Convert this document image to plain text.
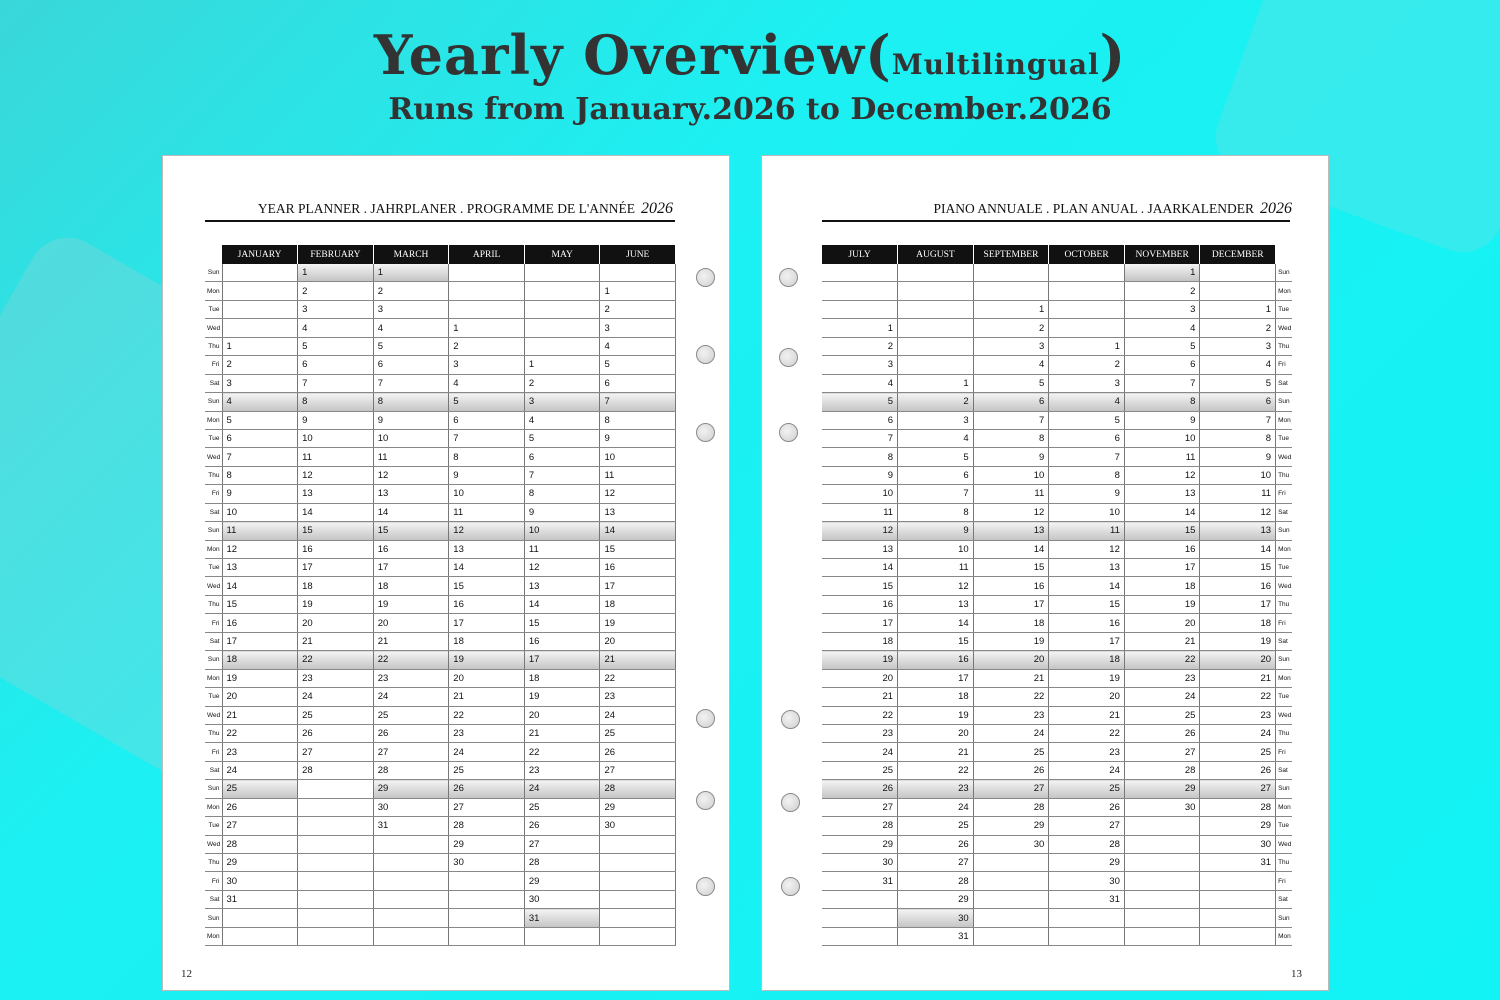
Yearly Overview(Multilingual)
Runs from January.2026 to December.2026
YEAR PLANNER . JAHRPLANER . PROGRAMME DE L'ANNÉE 2026
	JANUARY	FEBRUARY	MARCH	APRIL	MAY	JUNE
Sun		1	1			
Mon		2	2			1
Tue		3	3			2
Wed		4	4	1		3
Thu	1	5	5	2		4
Fri	2	6	6	3	1	5
Sat	3	7	7	4	2	6
Sun	4	8	8	5	3	7
Mon	5	9	9	6	4	8
Tue	6	10	10	7	5	9
Wed	7	11	11	8	6	10
Thu	8	12	12	9	7	11
Fri	9	13	13	10	8	12
Sat	10	14	14	11	9	13
Sun	11	15	15	12	10	14
Mon	12	16	16	13	11	15
Tue	13	17	17	14	12	16
Wed	14	18	18	15	13	17
Thu	15	19	19	16	14	18
Fri	16	20	20	17	15	19
Sat	17	21	21	18	16	20
Sun	18	22	22	19	17	21
Mon	19	23	23	20	18	22
Tue	20	24	24	21	19	23
Wed	21	25	25	22	20	24
Thu	22	26	26	23	21	25
Fri	23	27	27	24	22	26
Sat	24	28	28	25	23	27
Sun	25		29	26	24	28
Mon	26		30	27	25	29
Tue	27		31	28	26	30
Wed	28			29	27	
Thu	29			30	28	
Fri	30				29	
Sat	31				30	
Sun					31	
Mon						
12
PIANO ANNUALE . PLAN ANUAL . JAARKALENDER 2026
JULY	AUGUST	SEPTEMBER	OCTOBER	NOVEMBER	DECEMBER	
				1		Sun
				2		Mon
		1		3	1	Tue
1		2		4	2	Wed
2		3	1	5	3	Thu
3		4	2	6	4	Fri
4	1	5	3	7	5	Sat
5	2	6	4	8	6	Sun
6	3	7	5	9	7	Mon
7	4	8	6	10	8	Tue
8	5	9	7	11	9	Wed
9	6	10	8	12	10	Thu
10	7	11	9	13	11	Fri
11	8	12	10	14	12	Sat
12	9	13	11	15	13	Sun
13	10	14	12	16	14	Mon
14	11	15	13	17	15	Tue
15	12	16	14	18	16	Wed
16	13	17	15	19	17	Thu
17	14	18	16	20	18	Fri
18	15	19	17	21	19	Sat
19	16	20	18	22	20	Sun
20	17	21	19	23	21	Mon
21	18	22	20	24	22	Tue
22	19	23	21	25	23	Wed
23	20	24	22	26	24	Thu
24	21	25	23	27	25	Fri
25	22	26	24	28	26	Sat
26	23	27	25	29	27	Sun
27	24	28	26	30	28	Mon
28	25	29	27		29	Tue
29	26	30	28		30	Wed
30	27		29		31	Thu
31	28		30			Fri
	29		31			Sat
	30					Sun
	31					Mon
13
